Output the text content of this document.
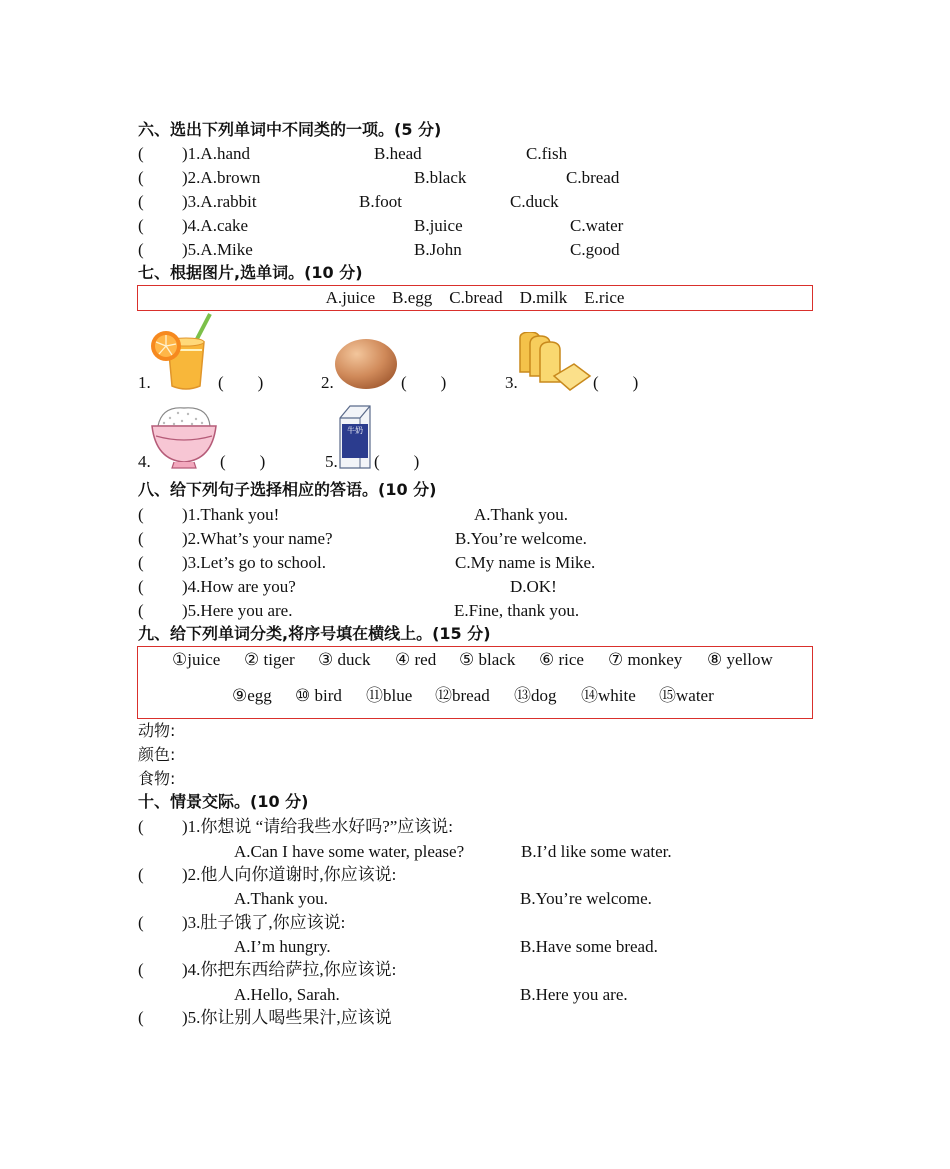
六、选出下列单词中不同类的一项。(5 分)
( )1.A.hand	B.head	C.fish
( )2.A.brown	B.black	C.bread
( )3.A.rabbit	B.foot	C.duck
( )4.A.cake	B.juice	C.water
( )5.A.Mike	B.John	C.good
七、根据图片,选单词。(10 分)
A.juice    B.egg    C.bread    D.milk    E.rice
1.	(        )	2.	(        )	3.	(        )
4.	(        )
牛奶
5. (        )
八、给下列句子选择相应的答语。(10 分)
( )1.Thank you!	A.Thank you.
( )2.What’s your name?	B.You’re welcome.
( )3.Let’s go to school.	C.My name is Mike.
( )4.How are you?	D.OK!
( )5.Here you are.	E.Fine, thank you.
九、给下列单词分类,将序号填在横线上。(15 分)
①juice ② tiger ③ duck ④ red ⑤ black ⑥ rice ⑦ monkey ⑧ yellow
⑨egg ⑩ bird ⑪blue ⑫bread ⑬dog ⑭white ⑮water
动物:
颜色:
食物:
十、情景交际。(10 分)
( )1.你想说 “请给我些水好吗?”应该说:
A.Can I have some water, please?	B.I’d like some water.
( )2.他人向你道谢时,你应该说:
A.Thank you.	B.You’re welcome.
( )3.肚子饿了,你应该说:
A.I’m hungry.	B.Have some bread.
( )4.你把东西给萨拉,你应该说:
A.Hello, Sarah.	B.Here you are.
( )5.你让别人喝些果汁,应该说
